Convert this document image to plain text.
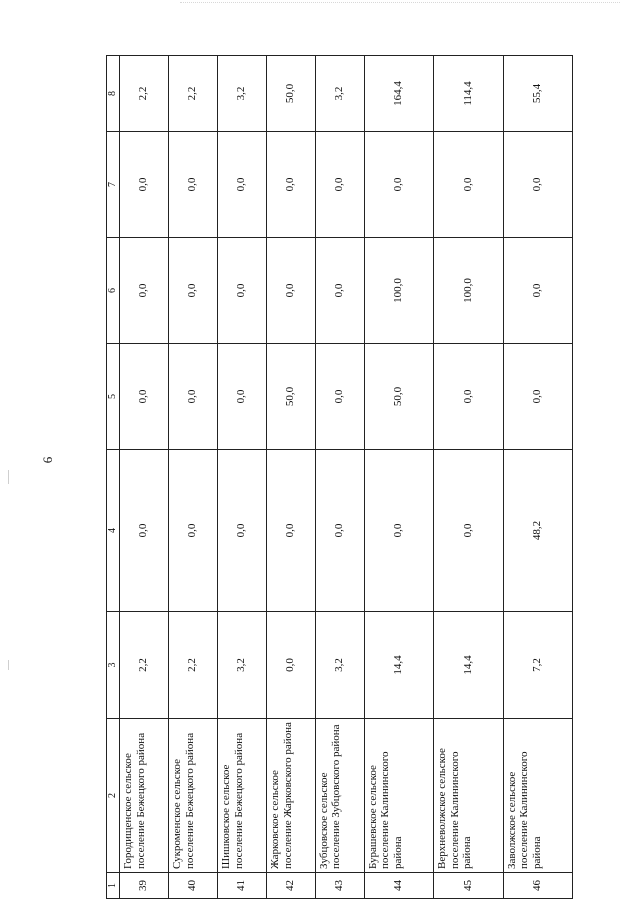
6
1	2	3	4	5	6	7	8
39	Городищенское сельское поселение Бежецкого района	2,2	0,0	0,0	0,0	0,0	2,2
40	Сукроменское сельское поселение Бежецкого района	2,2	0,0	0,0	0,0	0,0	2,2
41	Шишковское сельское поселение Бежецкого района	3,2	0,0	0,0	0,0	0,0	3,2
42	Жарковское сельское поселение Жарковского района	0,0	0,0	50,0	0,0	0,0	50,0
43	Зубцовское сельское поселение Зубцовского района	3,2	0,0	0,0	0,0	0,0	3,2
44	Бурашевское сельское поселение Калининского района	14,4	0,0	50,0	100,0	0,0	164,4
45	Верхневолжское сельское поселение Калининского района	14,4	0,0	0,0	100,0	0,0	114,4
46	Заволжское сельское поселение Калининского района	7,2	48,2	0,0	0,0	0,0	55,4
